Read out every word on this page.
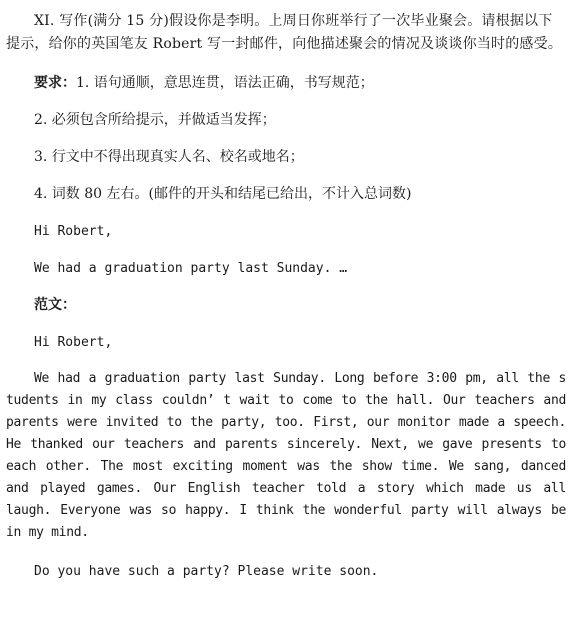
XI. 写作(满分 15 分)假设你是李明。上周日你班举行了一次毕业聚会。请根据以下提示，给你的英国笔友 Robert 写一封邮件，向他描述聚会的情况及谈谈你当时的感受。

要求：1. 语句通顺，意思连贯，语法正确，书写规范；

2. 必须包含所给提示，并做适当发挥；

3. 行文中不得出现真实人名、校名或地名；

4. 词数 80 左右。(邮件的开头和结尾已给出，不计入总词数)

Hi Robert,

We had a graduation party last Sunday. …

范文：

Hi Robert,

We had a graduation party last Sunday. Long before 3:00 pm, all the s tudents in my class couldn’ t wait to come to the hall. Our teachers and parents were invited to the party, too. First, our monitor made a speech. He thanked our teachers and parents sincerely. Next, we gave presents to each other. The most exciting moment was the show time. We sang, danced and played games. Our English teacher told a story which made us all laugh. Everyone was so happy. I think the wonderful party will always be in my mind.

Do you have such a party? Please write soon.
